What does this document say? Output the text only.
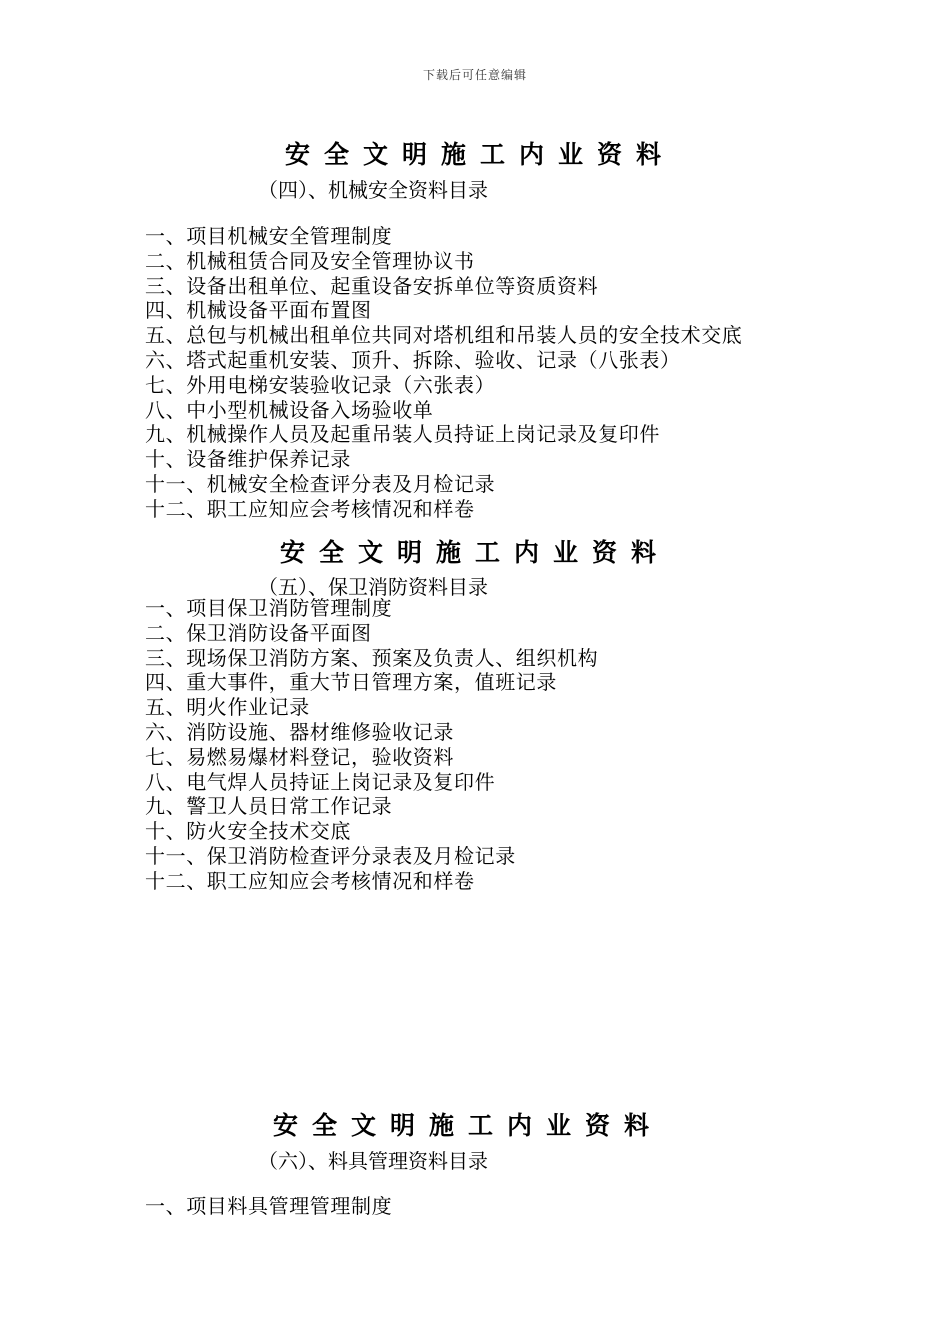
下载后可任意编辑
安全文明施工内业资料
（四）、机械安全资料目录
一、项目机械安全管理制度
二、机械租赁合同及安全管理协议书
三、设备出租单位、起重设备安拆单位等资质资料
四、机械设备平面布置图
五、总包与机械出租单位共同对塔机组和吊装人员的安全技术交底
六、塔式起重机安装、顶升、拆除、验收、记录（八张表）
七、外用电梯安装验收记录（六张表）
八、中小型机械设备入场验收单
九、机械操作人员及起重吊装人员持证上岗记录及复印件
十、设备维护保养记录
十一、机械安全检查评分表及月检记录
十二、职工应知应会考核情况和样卷
安全文明施工内业资料
（五）、保卫消防资料目录
一、项目保卫消防管理制度
二、保卫消防设备平面图
三、现场保卫消防方案、预案及负责人、组织机构
四、重大事件，重大节日管理方案，值班记录
五、明火作业记录
六、消防设施、器材维修验收记录
七、易燃易爆材料登记，验收资料
八、电气焊人员持证上岗记录及复印件
九、警卫人员日常工作记录
十、防火安全技术交底
十一、保卫消防检查评分录表及月检记录
十二、职工应知应会考核情况和样卷
安全文明施工内业资料
（六）、料具管理资料目录
一、项目料具管理管理制度
